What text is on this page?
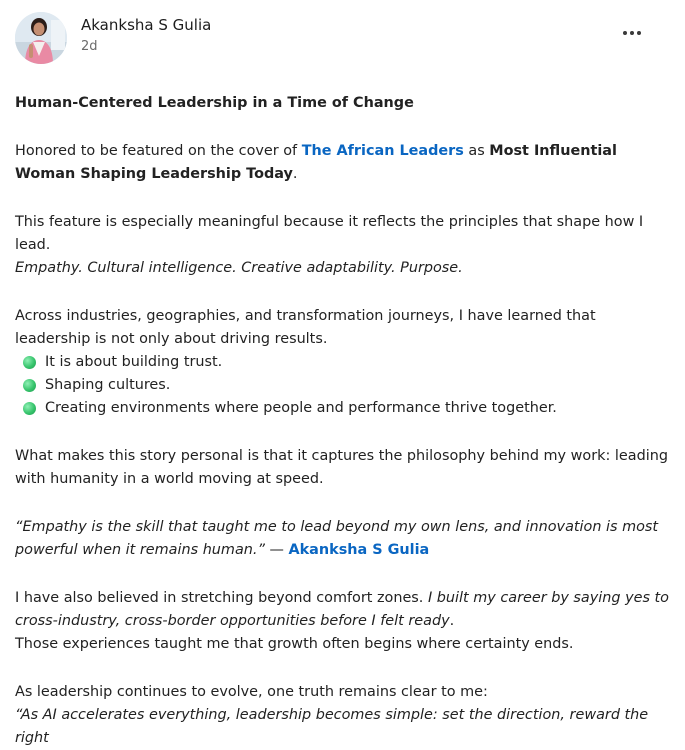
Akanksha S Gulia
2d

Human-Centered Leadership in a Time of Change

Honored to be featured on the cover of The African Leaders as Most Influential Woman Shaping Leadership Today.

This feature is especially meaningful because it reflects the principles that shape how I lead.

Empathy. Cultural intelligence. Creative adaptability. Purpose.

Across industries, geographies, and transformation journeys, I have learned that leadership is not only about driving results.

It is about building trust.
Shaping cultures.
Creating environments where people and performance thrive together.

What makes this story personal is that it captures the philosophy behind my work: leading with humanity in a world moving at speed.

“Empathy is the skill that taught me to lead beyond my own lens, and innovation is most powerful when it remains human.” — Akanksha S Gulia

I have also believed in stretching beyond comfort zones. I built my career by saying yes to cross-industry, cross-border opportunities before I felt ready.

Those experiences taught me that growth often begins where certainty ends.

As leadership continues to evolve, one truth remains clear to me:

“As AI accelerates everything, leadership becomes simple: set the direction, reward the right
